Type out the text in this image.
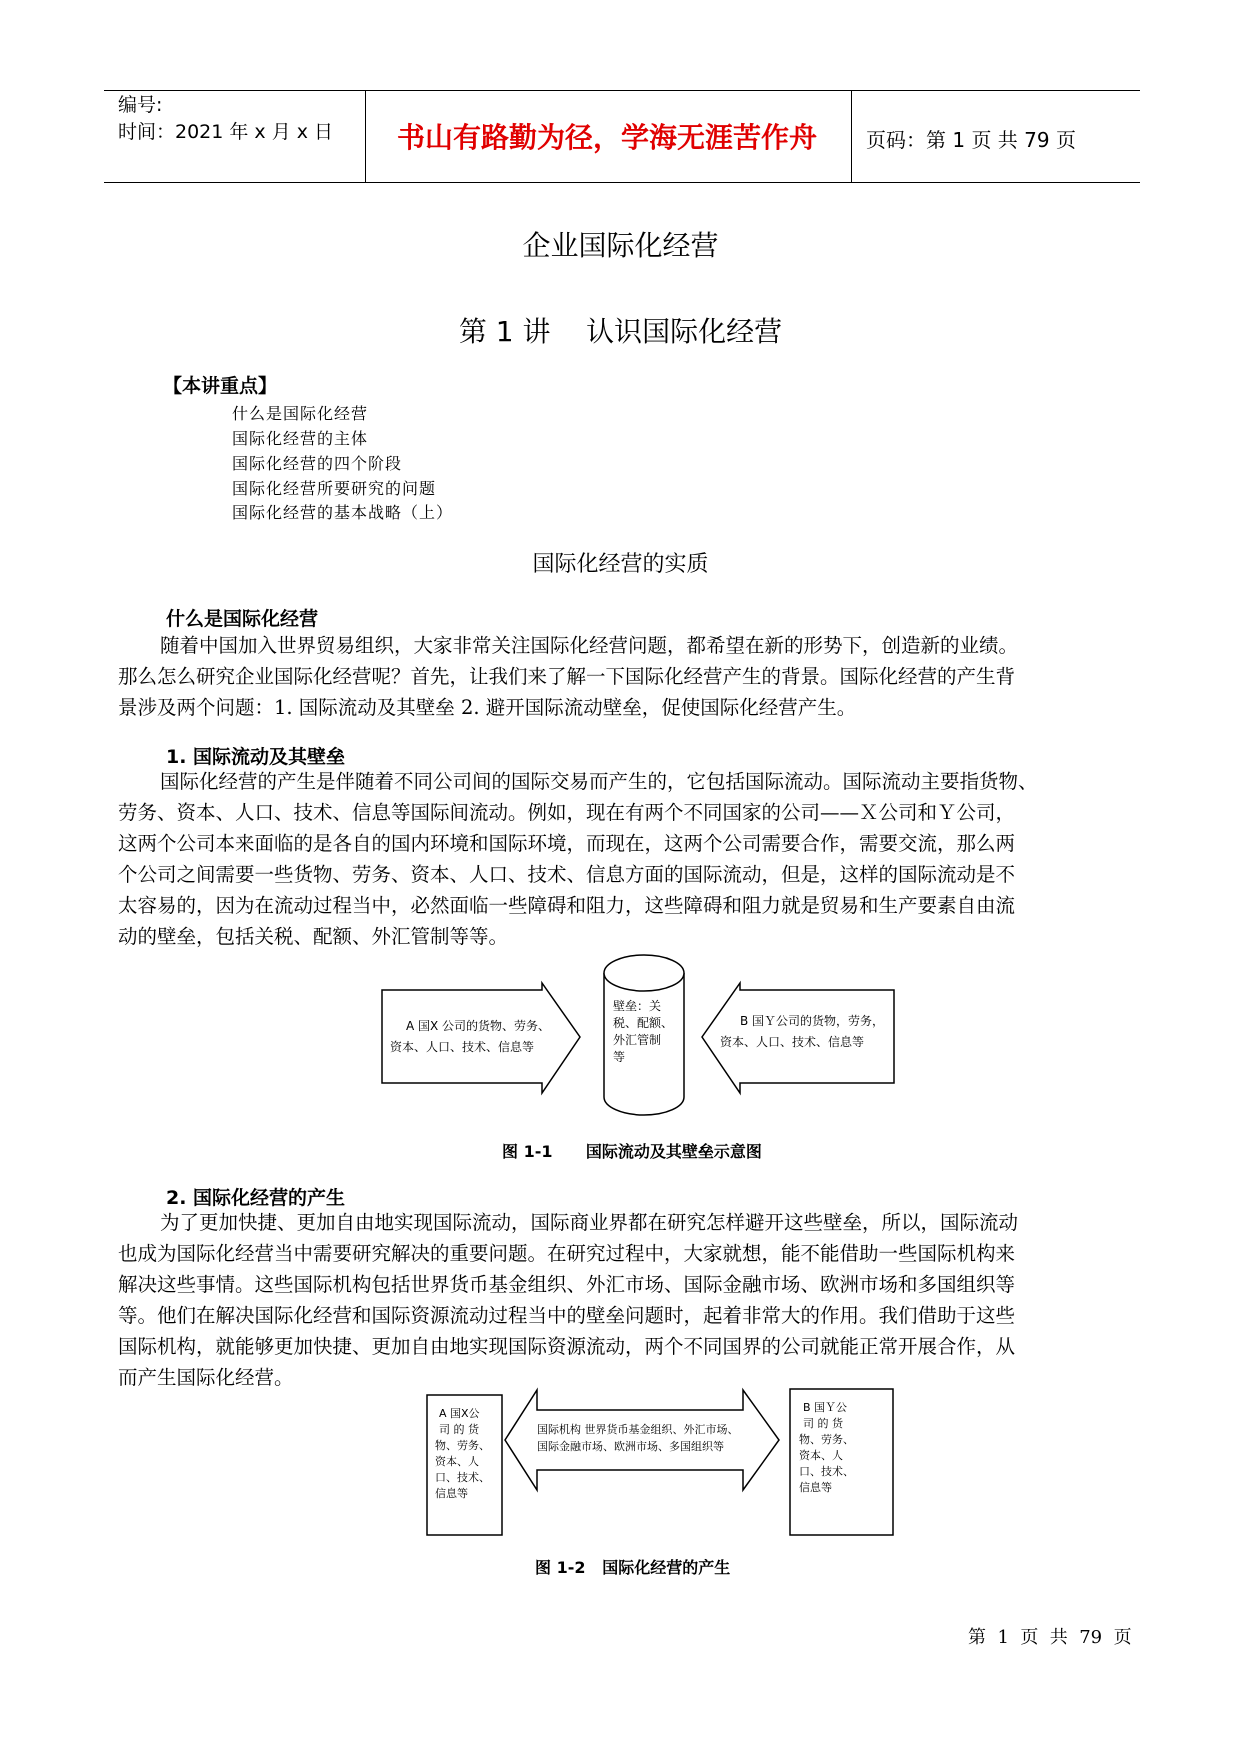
编号:
时间：2021 年 x 月 x 日	书山有路勤为径，学海无涯苦作舟	页码：第 1 页 共 79 页
企业国际化经营
第 1 讲    认识国际化经营
【本讲重点】
什么是国际化经营
国际化经营的主体
国际化经营的四个阶段
国际化经营所要研究的问题
国际化经营的基本战略（上）
国际化经营的实质
什么是国际化经营
随着中国加入世界贸易组织，大家非常关注国际化经营问题，都希望在新的形势下，创造新的业绩。
那么怎么研究企业国际化经营呢？首先，让我们来了解一下国际化经营产生的背景。国际化经营的产生背
景涉及两个问题：1. 国际流动及其壁垒 2. 避开国际流动壁垒，促使国际化经营产生。
1. 国际流动及其壁垒
国际化经营的产生是伴随着不同公司间的国际交易而产生的，它包括国际流动。国际流动主要指货物、
劳务、资本、人口、技术、信息等国际间流动。例如，现在有两个不同国家的公司——Ｘ公司和Ｙ公司，
这两个公司本来面临的是各自的国内环境和国际环境，而现在，这两个公司需要合作，需要交流，那么两
个公司之间需要一些货物、劳务、资本、人口、技术、信息方面的国际流动，但是，这样的国际流动是不
太容易的，因为在流动过程当中，必然面临一些障碍和阻力，这些障碍和阻力就是贸易和生产要素自由流
动的壁垒，包括关税、配额、外汇管制等等。
A 国X 公司的货物、劳务、资本、人口、技术、信息等
壁垒：关 税、配额、 外汇管制 等
B 国Ｙ公司的货物，劳务，资本、人口、技术、信息等
图 1-1      国际流动及其壁垒示意图
2. 国际化经营的产生
为了更加快捷、更加自由地实现国际流动，国际商业界都在研究怎样避开这些壁垒，所以，国际流动
也成为国际化经营当中需要研究解决的重要问题。在研究过程中，大家就想，能不能借助一些国际机构来
解决这些事情。这些国际机构包括世界货币基金组织、外汇市场、国际金融市场、欧洲市场和多国组织等
等。他们在解决国际化经营和国际资源流动过程当中的壁垒问题时，起着非常大的作用。我们借助于这些
国际机构，就能够更加快捷、更加自由地实现国际资源流动，两个不同国界的公司就能正常开展合作，从
而产生国际化经营。
A 国X公 司 的 货 物、劳务、 资本、人 口、技术、 信息等
国际机构 世界货币基金组织、外汇市场、国际金融市场、欧洲市场、多国组织等
B 国Ｙ公 司 的 货 物、劳务、 资本、人 口、技术、 信息等
图 1-2   国际化经营的产生
第  1  页  共  79  页
